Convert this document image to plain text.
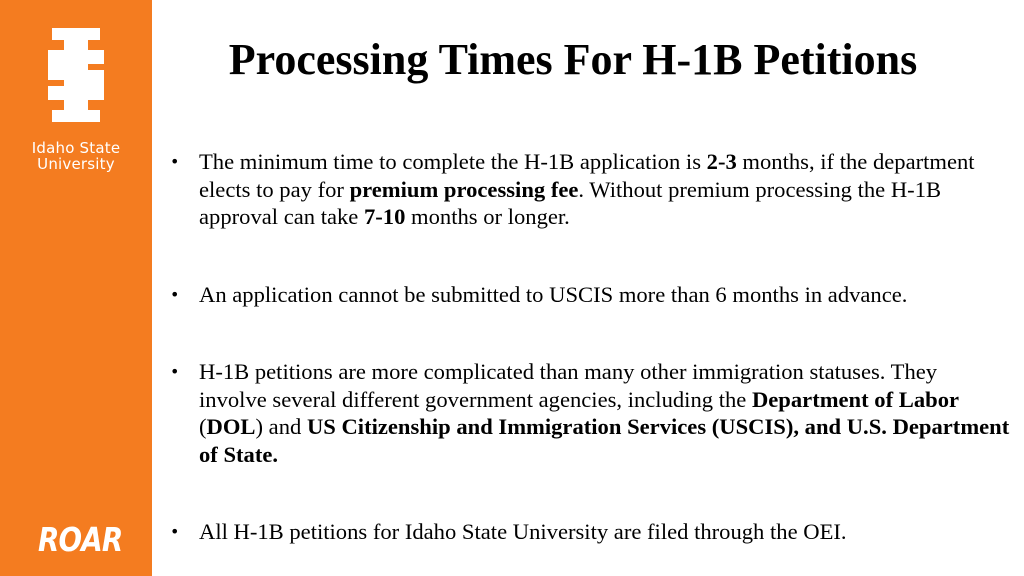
Idaho State
University
ROAR
Processing Times For H-1B Petitions
• The minimum time to complete the H-1B application is 2-3 months, if the department elects to pay for premium processing fee. Without premium processing the H-1B approval can take 7-10 months or longer.
• An application cannot be submitted to USCIS more than 6 months in advance.
• H-1B petitions are more complicated than many other immigration statuses. They involve several different government agencies, including the Department of Labor (DOL) and US Citizenship and Immigration Services (USCIS), and U.S. Department of State.
• All H-1B petitions for Idaho State University are filed through the OEI.
